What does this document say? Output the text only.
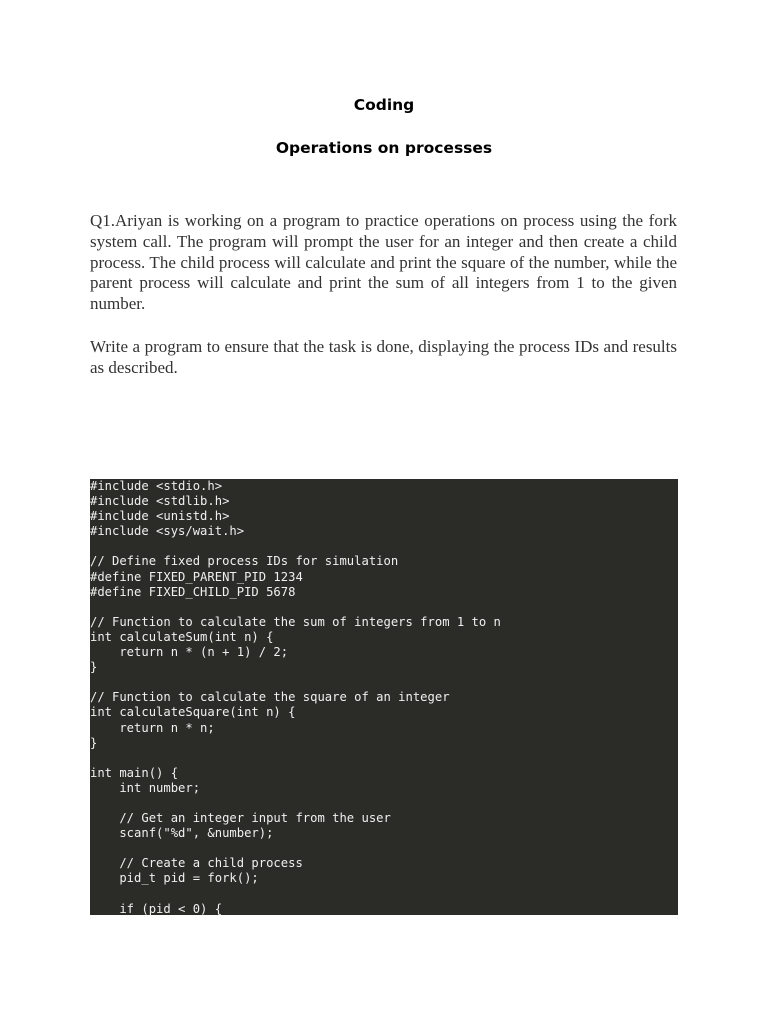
Coding
Operations on processes

Q1.Ariyan is working on a program to practice operations on process using the fork system call. The program will prompt the user for an integer and then create a child process. The child process will calculate and print the square of the number, while the parent process will calculate and print the sum of all integers from 1 to the given number.

Write a program to ensure that the task is done, displaying the process IDs and results as described.

#include <stdio.h>
#include <stdlib.h>
#include <unistd.h>
#include <sys/wait.h>
// Define fixed process IDs for simulation
#define FIXED_PARENT_PID 1234
#define FIXED_CHILD_PID 5678
// Function to calculate the sum of integers from 1 to n
int calculateSum(int n) {
return n * (n + 1) / 2;
}
// Function to calculate the square of an integer
int calculateSquare(int n) {
return n * n;
}
int main() {
int number;
// Get an integer input from the user
scanf("%d", &number);
// Create a child process
pid_t pid = fork();
if (pid < 0) {
